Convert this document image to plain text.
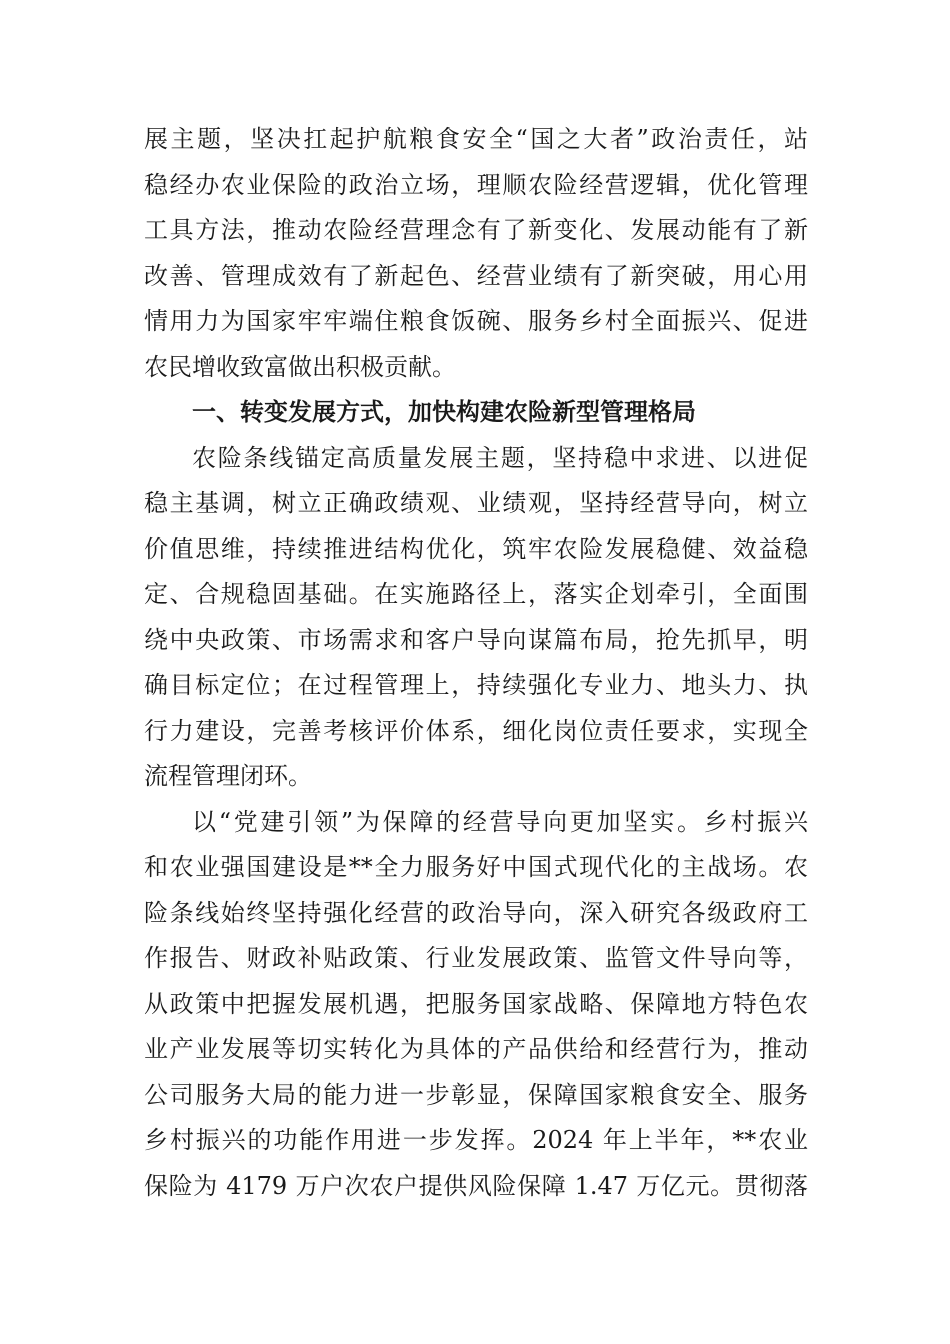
展主题，坚决扛起护航粮食安全“国之大者”政治责任，站
稳经办农业保险的政治立场，理顺农险经营逻辑，优化管理
工具方法，推动农险经营理念有了新变化、发展动能有了新
改善、管理成效有了新起色、经营业绩有了新突破，用心用
情用力为国家牢牢端住粮食饭碗、服务乡村全面振兴、促进
农民增收致富做出积极贡献。
一、转变发展方式，加快构建农险新型管理格局
农险条线锚定高质量发展主题，坚持稳中求进、以进促
稳主基调，树立正确政绩观、业绩观，坚持经营导向，树立
价值思维，持续推进结构优化，筑牢农险发展稳健、效益稳
定、合规稳固基础。在实施路径上，落实企划牵引，全面围
绕中央政策、市场需求和客户导向谋篇布局，抢先抓早，明
确目标定位；在过程管理上，持续强化专业力、地头力、执
行力建设，完善考核评价体系，细化岗位责任要求，实现全
流程管理闭环。
以“党建引领”为保障的经营导向更加坚实。乡村振兴
和农业强国建设是**全力服务好中国式现代化的主战场。农
险条线始终坚持强化经营的政治导向，深入研究各级政府工
作报告、财政补贴政策、行业发展政策、监管文件导向等，
从政策中把握发展机遇，把服务国家战略、保障地方特色农
业产业发展等切实转化为具体的产品供给和经营行为，推动
公司服务大局的能力进一步彰显，保障国家粮食安全、服务
乡村振兴的功能作用进一步发挥。2024 年上半年，**农业
保险为 4179 万户次农户提供风险保障 1.47 万亿元。贯彻落
